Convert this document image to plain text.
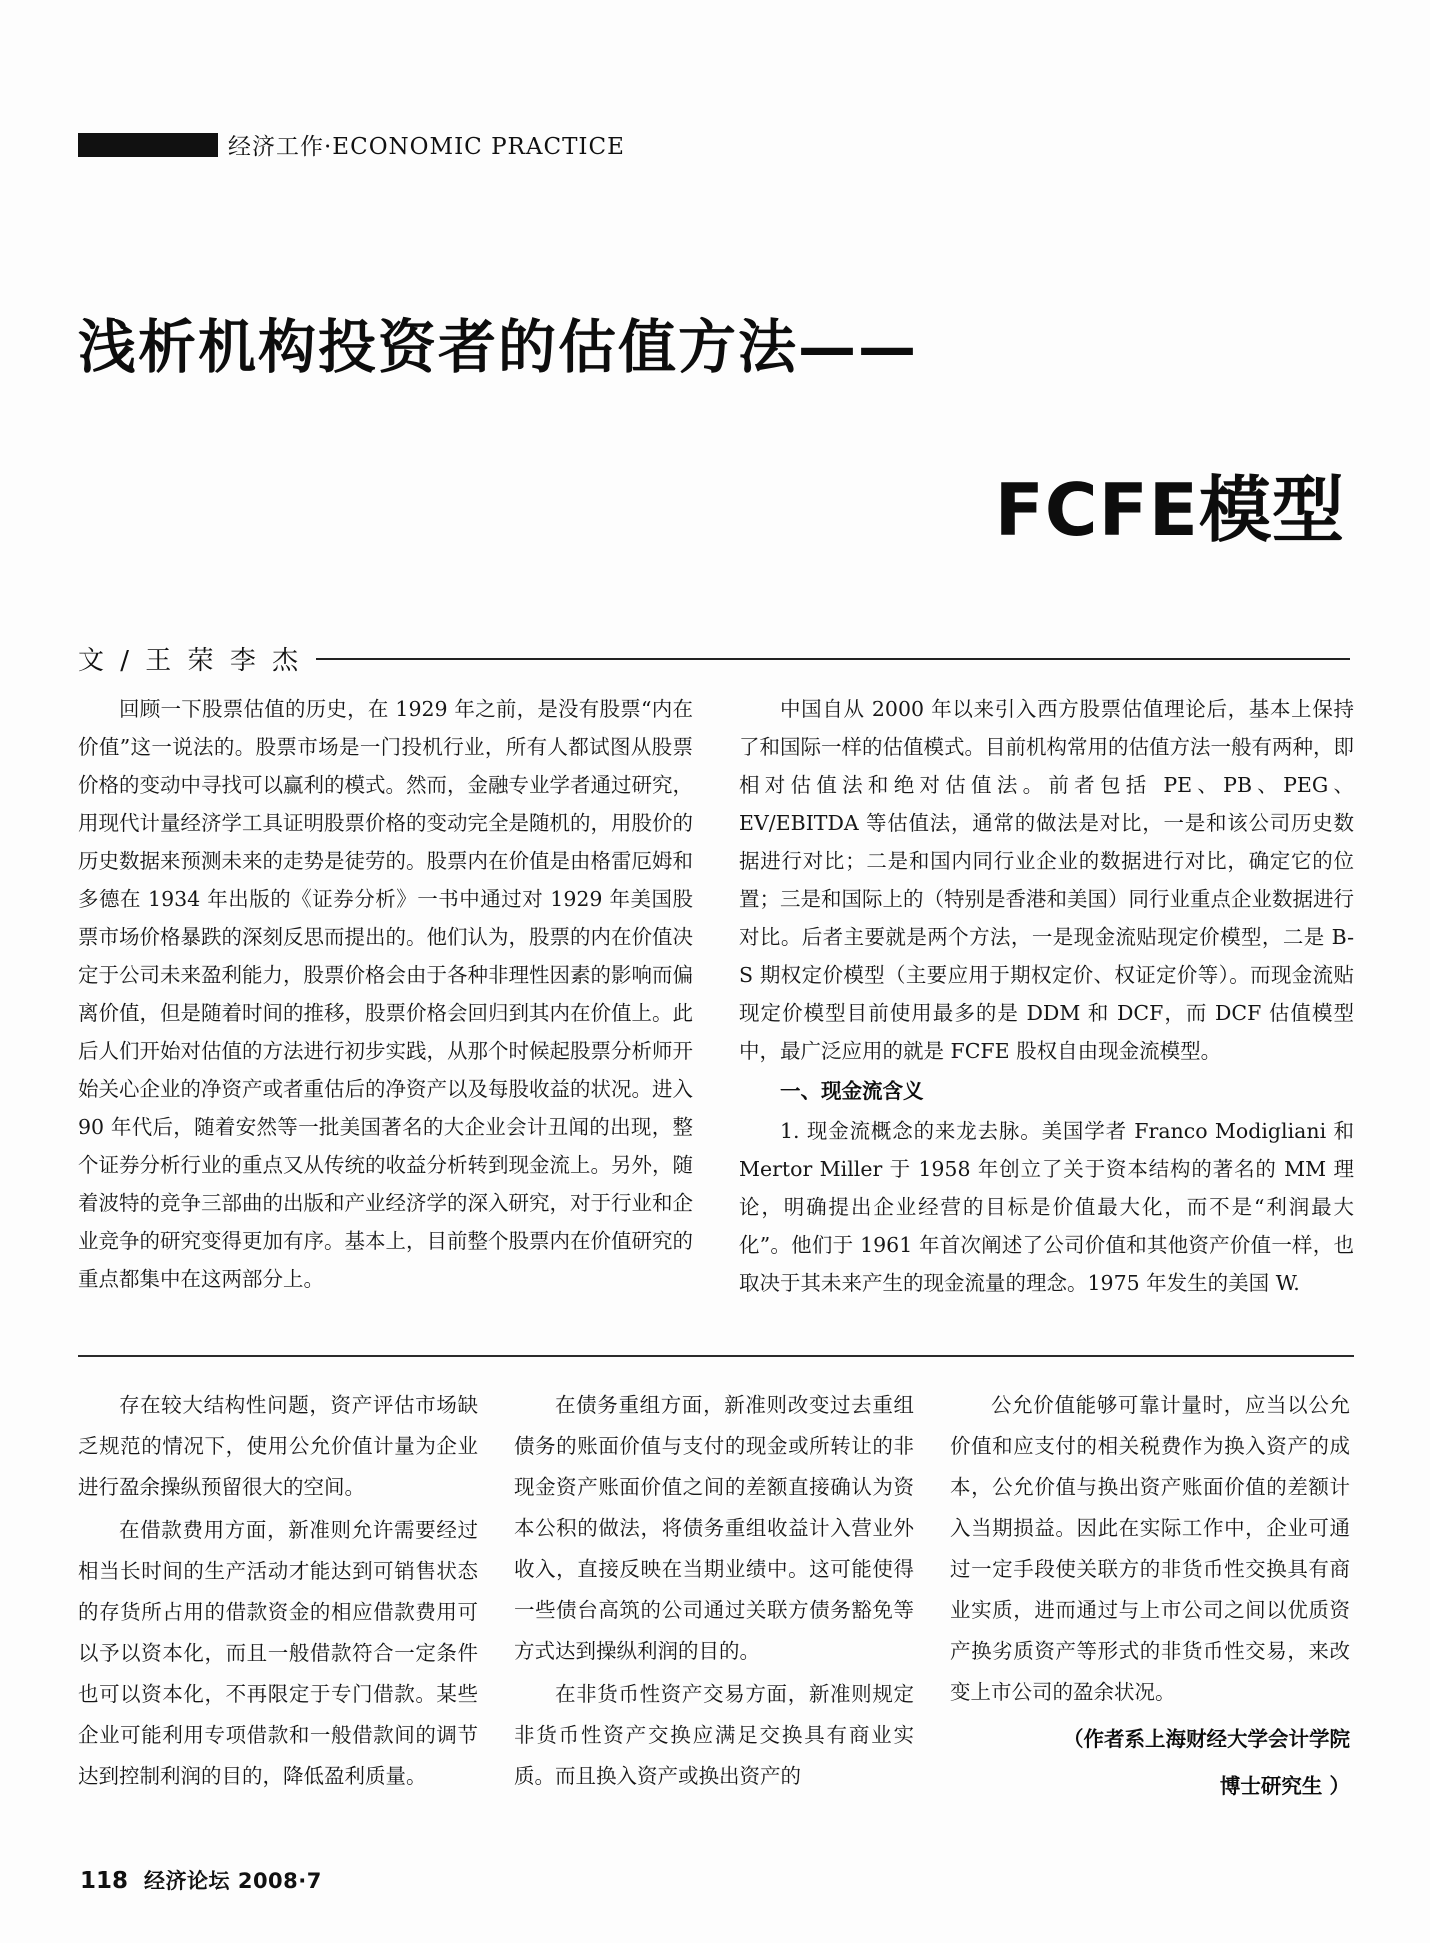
经济工作·ECONOMIC PRACTICE
浅析机构投资者的估值方法——
FCFE模型
文 / 王 荣 李 杰

回顾一下股票估值的历史，在 1929 年之前，是没有股票“内在价值”这一说法的。股票市场是一门投机行业，所有人都试图从股票价格的变动中寻找可以赢利的模式。然而，金融专业学者通过研究，用现代计量经济学工具证明股票价格的变动完全是随机的，用股价的历史数据来预测未来的走势是徒劳的。股票内在价值是由格雷厄姆和多德在 1934 年出版的《证券分析》一书中通过对 1929 年美国股票市场价格暴跌的深刻反思而提出的。他们认为，股票的内在价值决定于公司未来盈利能力，股票价格会由于各种非理性因素的影响而偏离价值，但是随着时间的推移，股票价格会回归到其内在价值上。此后人们开始对估值的方法进行初步实践，从那个时候起股票分析师开始关心企业的净资产或者重估后的净资产以及每股收益的状况。进入 90 年代后，随着安然等一批美国著名的大企业会计丑闻的出现，整个证券分析行业的重点又从传统的收益分析转到现金流上。另外，随着波特的竞争三部曲的出版和产业经济学的深入研究，对于行业和企业竞争的研究变得更加有序。基本上，目前整个股票内在价值研究的重点都集中在这两部分上。

中国自从 2000 年以来引入西方股票估值理论后，基本上保持了和国际一样的估值模式。目前机构常用的估值方法一般有两种，即相对估值法和绝对估值法。前者包括 PE、PB、PEG、EV/EBITDA 等估值法，通常的做法是对比，一是和该公司历史数据进行对比；二是和国内同行业企业的数据进行对比，确定它的位置；三是和国际上的（特别是香港和美国）同行业重点企业数据进行对比。后者主要就是两个方法，一是现金流贴现定价模型，二是 B-S 期权定价模型（主要应用于期权定价、权证定价等）。而现金流贴现定价模型目前使用最多的是 DDM 和 DCF，而 DCF 估值模型中，最广泛应用的就是 FCFE 股权自由现金流模型。

一、现金流含义

1. 现金流概念的来龙去脉。美国学者 Franco Modigliani 和 Mertor Miller 于 1958 年创立了关于资本结构的著名的 MM 理论，明确提出企业经营的目标是价值最大化，而不是“利润最大化”。他们于 1961 年首次阐述了公司价值和其他资产价值一样，也取决于其未来产生的现金流量的理念。1975 年发生的美国 W.

存在较大结构性问题，资产评估市场缺乏规范的情况下，使用公允价值计量为企业进行盈余操纵预留很大的空间。

在借款费用方面，新准则允许需要经过相当长时间的生产活动才能达到可销售状态的存货所占用的借款资金的相应借款费用可以予以资本化，而且一般借款符合一定条件也可以资本化，不再限定于专门借款。某些企业可能利用专项借款和一般借款间的调节达到控制利润的目的，降低盈利质量。

在债务重组方面，新准则改变过去重组债务的账面价值与支付的现金或所转让的非现金资产账面价值之间的差额直接确认为资本公积的做法，将债务重组收益计入营业外收入，直接反映在当期业绩中。这可能使得一些债台高筑的公司通过关联方债务豁免等方式达到操纵利润的目的。

在非货币性资产交易方面，新准则规定非货币性资产交换应满足交换具有商业实质。而且换入资产或换出资产的

公允价值能够可靠计量时，应当以公允价值和应支付的相关税费作为换入资产的成本，公允价值与换出资产账面价值的差额计入当期损益。因此在实际工作中，企业可通过一定手段使关联方的非货币性交换具有商业实质，进而通过与上市公司之间以优质资产换劣质资产等形式的非货币性交易，来改变上市公司的盈余状况。

（作者系上海财经大学会计学院
博士研究生 ）
118 经济论坛 2008·7
